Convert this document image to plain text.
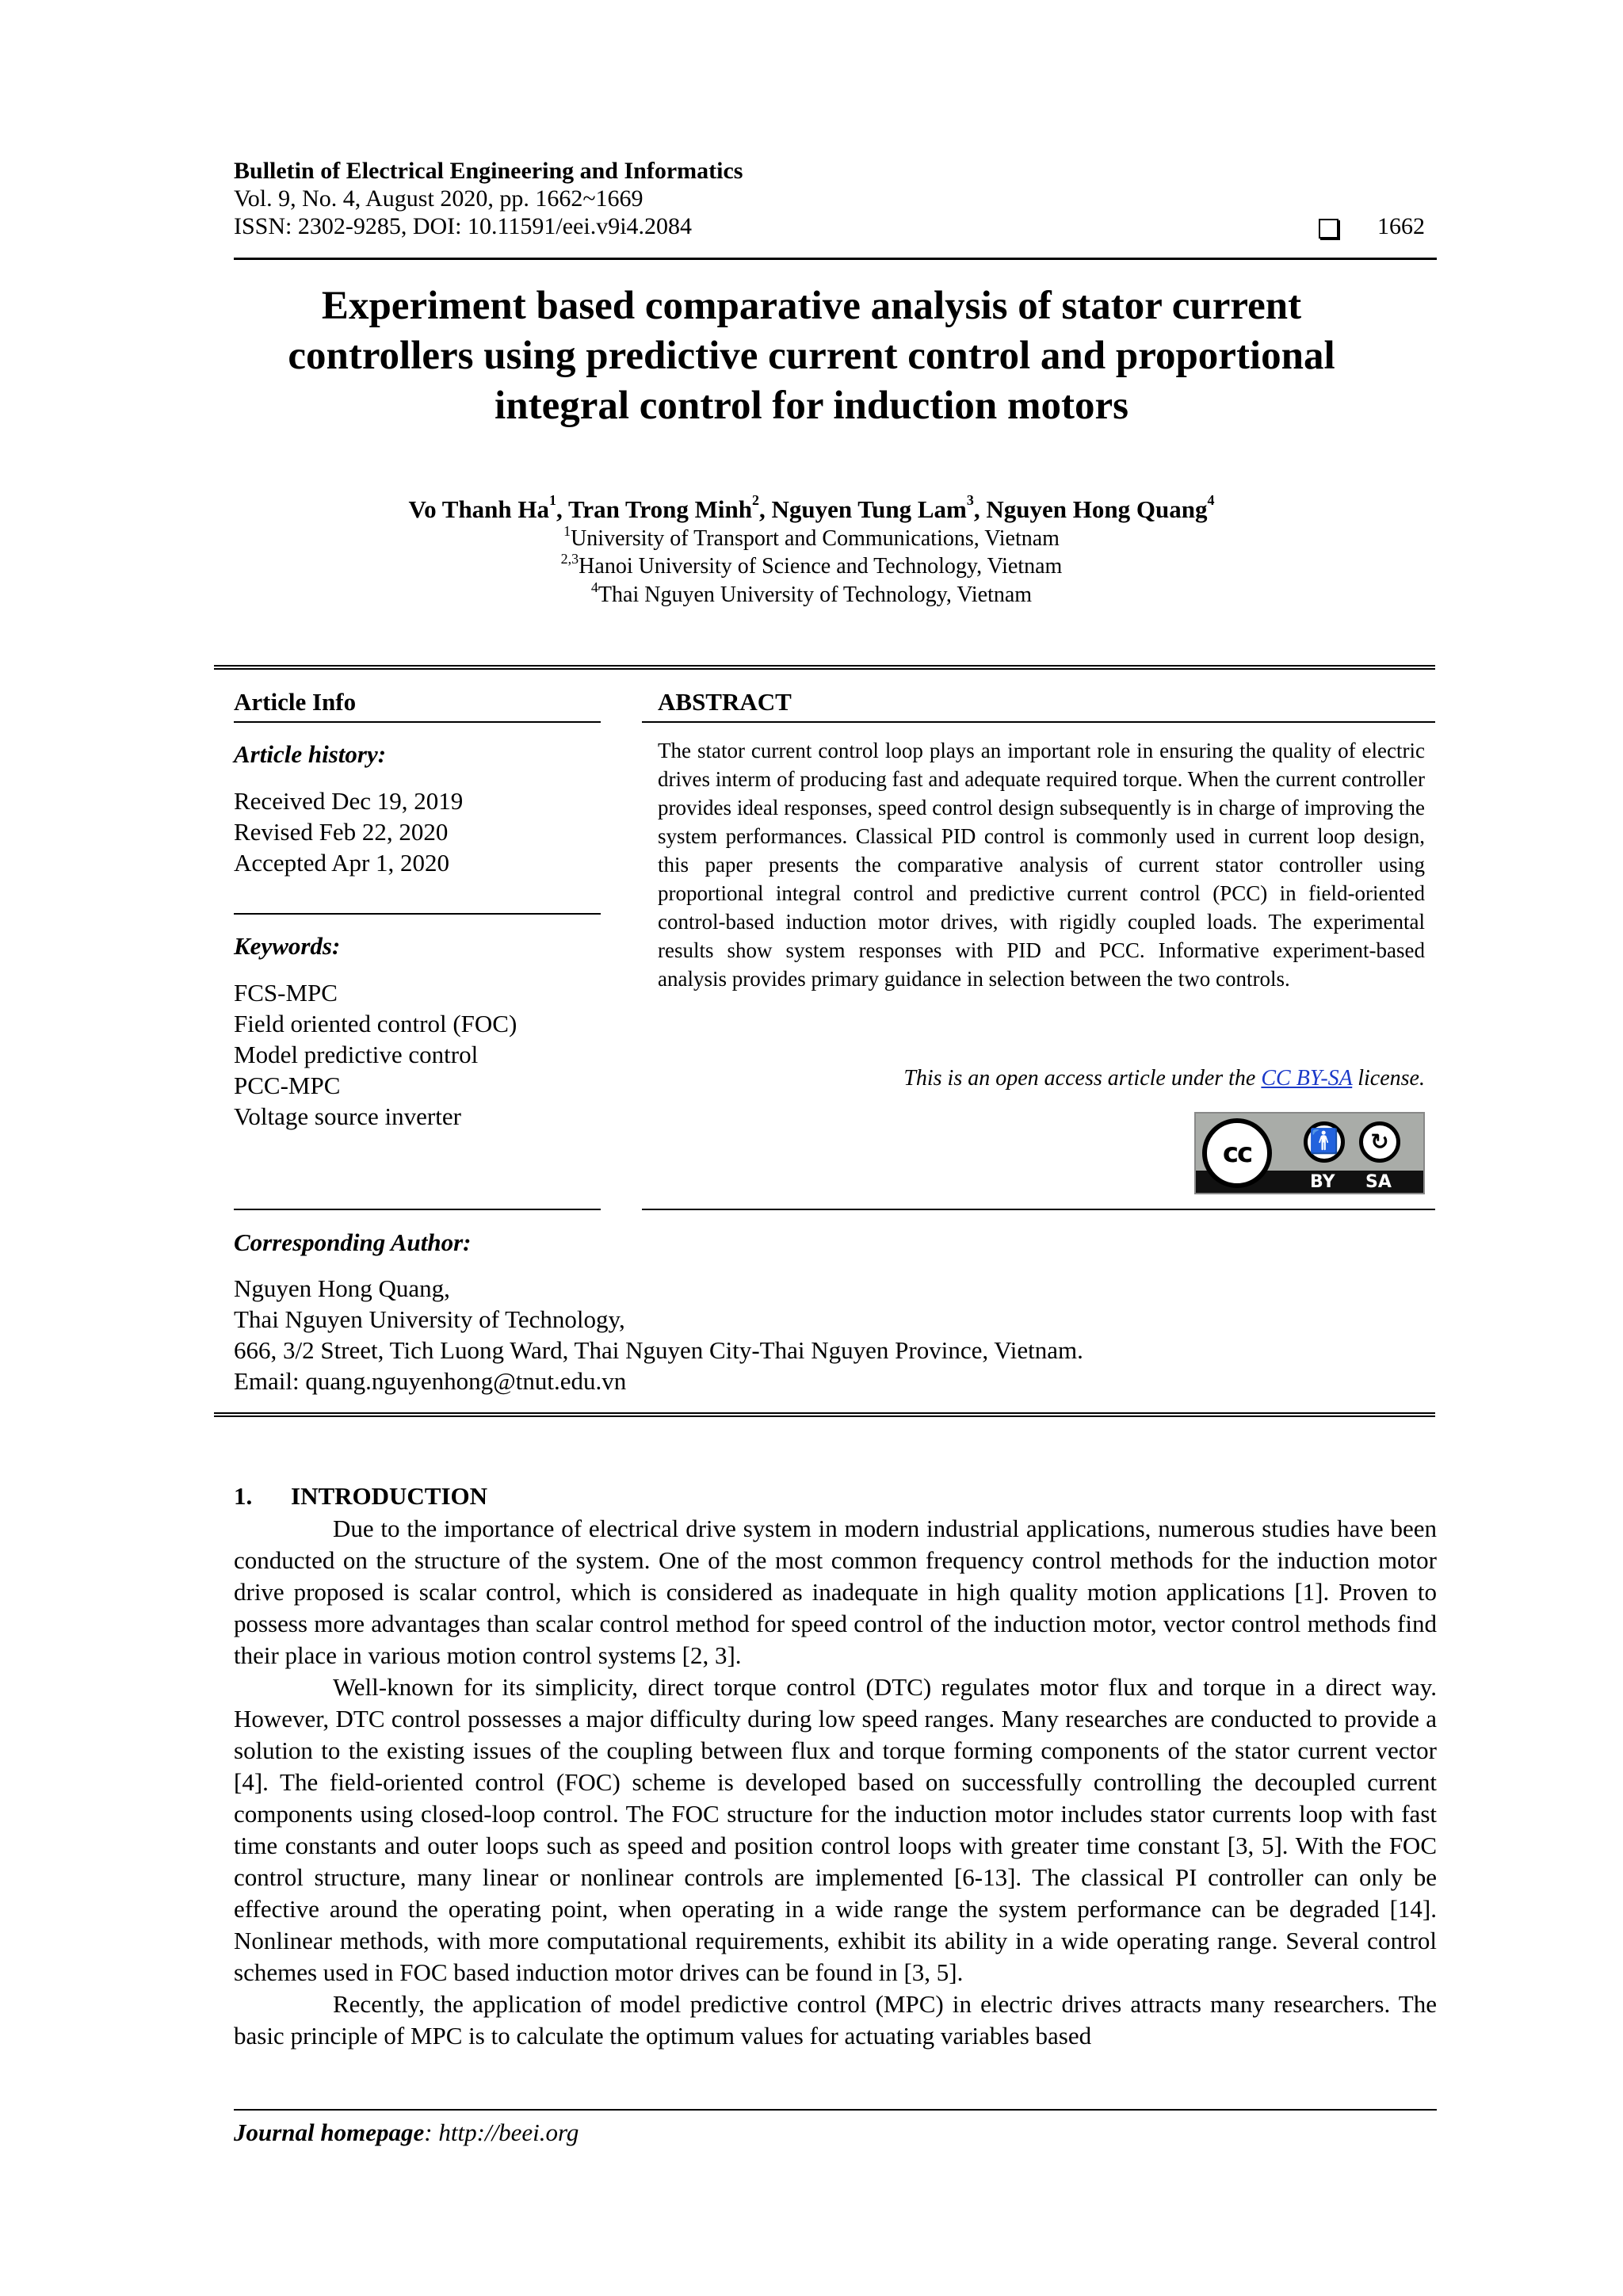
Bulletin of Electrical Engineering and Informatics
Vol. 9, No. 4, August 2020, pp. 1662~1669
ISSN: 2302-9285, DOI: 10.11591/eei.v9i4.2084	1662
Experiment based comparative analysis of stator current
controllers using predictive current control and proportional
integral control for induction motors
Vo Thanh Ha$^1$, Tran Trong Minh$^2$, Nguyen Tung Lam$^3$, Nguyen Hong Quang$^4$
$^1$University of Transport and Communications, Vietnam
$^{2,3}$Hanoi University of Science and Technology, Vietnam
$^4$Thai Nguyen University of Technology, Vietnam
Article Info
Article history:
Received Dec 19, 2019
Revised Feb 22, 2020
Accepted Apr 1, 2020
Keywords:
FCS-MPC
Field oriented control (FOC)
Model predictive control
PCC-MPC
Voltage source inverter
ABSTRACT
The stator current control loop plays an important role in ensuring the quality of electric drives interm of producing fast and adequate required torque. When the current controller provides ideal responses, speed control design subsequently is in charge of improving the system performances. Classical PID control is commonly used in current loop design, this paper presents the comparative analysis of current stator controller using proportional integral control and predictive current control (PCC) in field-oriented control-based induction motor drives, with rigidly coupled loads. The experimental results show system responses with PID and PCC. Informative experiment-based analysis provides primary guidance in selection between the two controls.
This is an open access article under the CC BY-SA license.
cc	🚹	↻
BY SA
Corresponding Author:
Nguyen Hong Quang,
Thai Nguyen University of Technology,
666, 3/2 Street, Tich Luong Ward, Thai Nguyen City-Thai Nguyen Province, Vietnam.
Email: quang.nguyenhong@tnut.edu.vn
1. INTRODUCTION

Due to the importance of electrical drive system in modern industrial applications, numerous studies have been conducted on the structure of the system. One of the most common frequency control methods for the induction motor drive proposed is scalar control, which is considered as inadequate in high quality motion applications [1]. Proven to possess more advantages than scalar control method for speed control of the induction motor, vector control methods find their place in various motion control systems [2, 3].

Well-known for its simplicity, direct torque control (DTC) regulates motor flux and torque in a direct way. However, DTC control possesses a major difficulty during low speed ranges. Many researches are conducted to provide a solution to the existing issues of the coupling between flux and torque forming components of the stator current vector [4]. The field-oriented control (FOC) scheme is developed based on successfully controlling the decoupled current components using closed-loop control. The FOC structure for the induction motor includes stator currents loop with fast time constants and outer loops such as speed and position control loops with greater time constant [3, 5]. With the FOC control structure, many linear or nonlinear controls are implemented [6-13]. The classical PI controller can only be effective around the operating point, when operating in a wide range the system performance can be degraded [14]. Nonlinear methods, with more computational requirements, exhibit its ability in a wide operating range. Several control schemes used in FOC based induction motor drives can be found in [3, 5].

Recently, the application of model predictive control (MPC) in electric drives attracts many researchers. The basic principle of MPC is to calculate the optimum values for actuating variables based

Journal homepage: http://beei.org
